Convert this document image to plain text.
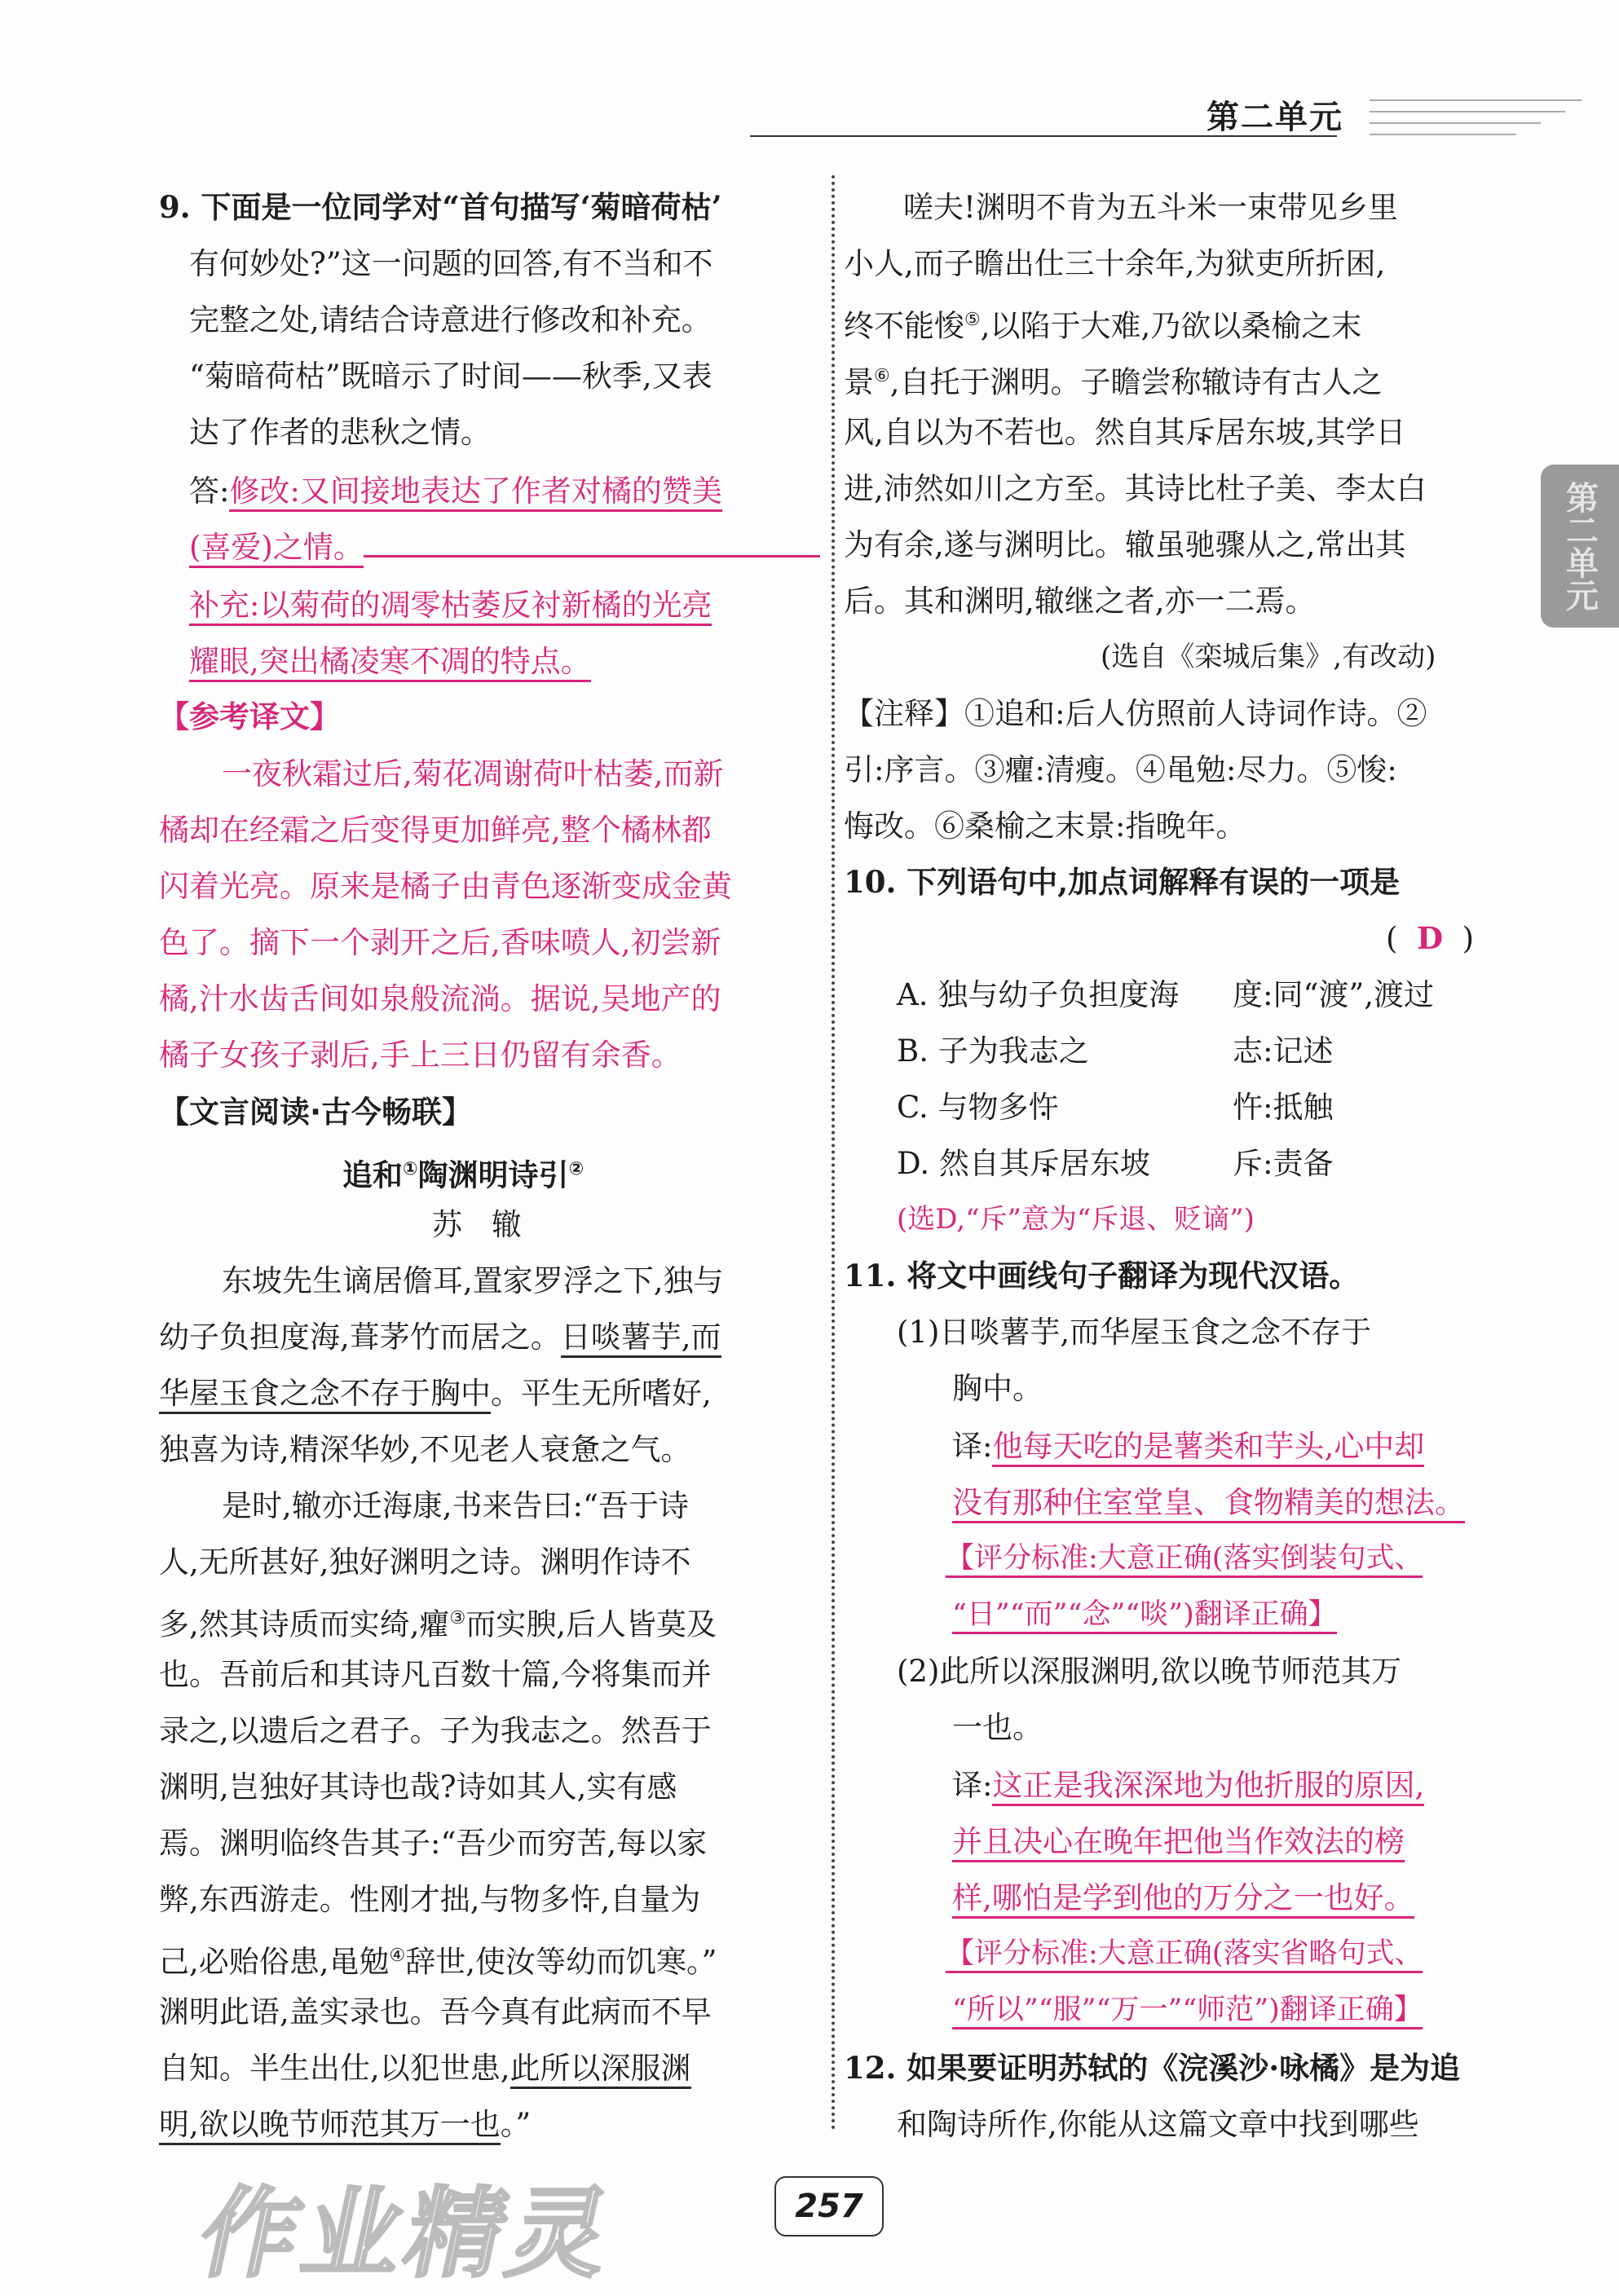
第二单元
第二单元
9. 下面是一位同学对“首句描写‘菊暗荷枯’
有何妙处?”这一问题的回答,有不当和不
完整之处,请结合诗意进行修改和补充。
“菊暗荷枯”既暗示了时间——秋季,又表
达了作者的悲秋之情。
答:修改:又间接地表达了作者对橘的赞美
(喜爱)之情。
补充:以菊荷的凋零枯萎反衬新橘的光亮
耀眼,突出橘凌寒不凋的特点。
【参考译文】
一夜秋霜过后,菊花凋谢荷叶枯萎,而新
橘却在经霜之后变得更加鲜亮,整个橘林都
闪着光亮。原来是橘子由青色逐渐变成金黄
色了。摘下一个剥开之后,香味喷人,初尝新
橘,汁水齿舌间如泉般流淌。据说,吴地产的
橘子女孩子剥后,手上三日仍留有余香。
【文言阅读·古今畅联】
追和①陶渊明诗引②
苏 辙
东坡先生谪居儋耳,置家罗浮之下,独与
幼子负担度 •海,葺茅竹而居之。日啖薯芋,而
华屋玉食之念不存于胸中。平生无所嗜好,
独喜为诗,精深华妙,不见老人衰惫之气。
是时,辙亦迁海康,书来告曰:“吾于诗
人,无所甚好,独好渊明之诗。渊明作诗不
多,然其诗质而实绮,癯③而实腴,后人皆莫及
也。吾前后和其诗凡百数十篇,今将集而并
录之,以遗后之君子。子为我志 •之。然吾于
渊明,岂独好其诗也哉?诗如其人,实有感
焉。渊明临终告其子:“吾少而穷苦,每以家
弊,东西游走。性刚才拙,与物多忤 •,自量为
己,必贻俗患,黾勉④辞世,使汝等幼而饥寒。”
渊明此语,盖实录也。吾今真有此病而不早
自知。半生出仕,以犯世患,此所以深服渊
明,欲以晚节师范其万一也。”
嗟夫!渊明不肯为五斗米一束带见乡里
小人,而子瞻出仕三十余年,为狱吏所折困,
终不能悛⑤,以陷于大难,乃欲以桑榆之末
景⑥,自托于渊明。子瞻尝称辙诗有古人之
风,自以为不若也。然自其斥 •居东坡,其学日
进,沛然如川之方至。其诗比杜子美、李太白
为有余,遂与渊明比。辙虽驰骤从之,常出其
后。其和渊明,辙继之者,亦一二焉。
(选自《栾城后集》,有改动)
【注释】①追和:后人仿照前人诗词作诗。②
引:序言。③癯:清瘦。④黾勉:尽力。⑤悛:
悔改。⑥桑榆之末景:指晚年。
10. 下列语句中,加点词解释有误的一项是
(  D  )
A. 独与幼子负担度 •海 度:同“渡”,渡过
B. 子为我志 •之	志:记述
C. 与物多忤 •	忤:抵触
D. 然自其斥 •居东坡	斥:责备
(选D,“斥”意为“斥退、贬谪”)
11. 将文中画线句子翻译为现代汉语。
(1)日啖薯芋,而华屋玉食之念不存于
胸中。
译:他每天吃的是薯类和芋头,心中却
没有那种住室堂皇、食物精美的想法。
【评分标准:大意正确(落实倒装句式、
“日”“而”“念”“啖”)翻译正确】
(2)此所以深服渊明,欲以晚节师范其万
一也。
译:这正是我深深地为他折服的原因,
并且决心在晚年把他当作效法的榜
样,哪怕是学到他的万分之一也好。
【评分标准:大意正确(落实省略句式、
“所以”“服”“万一”“师范”)翻译正确】
12. 如果要证明苏轼的《浣溪沙·咏橘》是为追
和陶诗所作,你能从这篇文章中找到哪些
257
作业精灵
